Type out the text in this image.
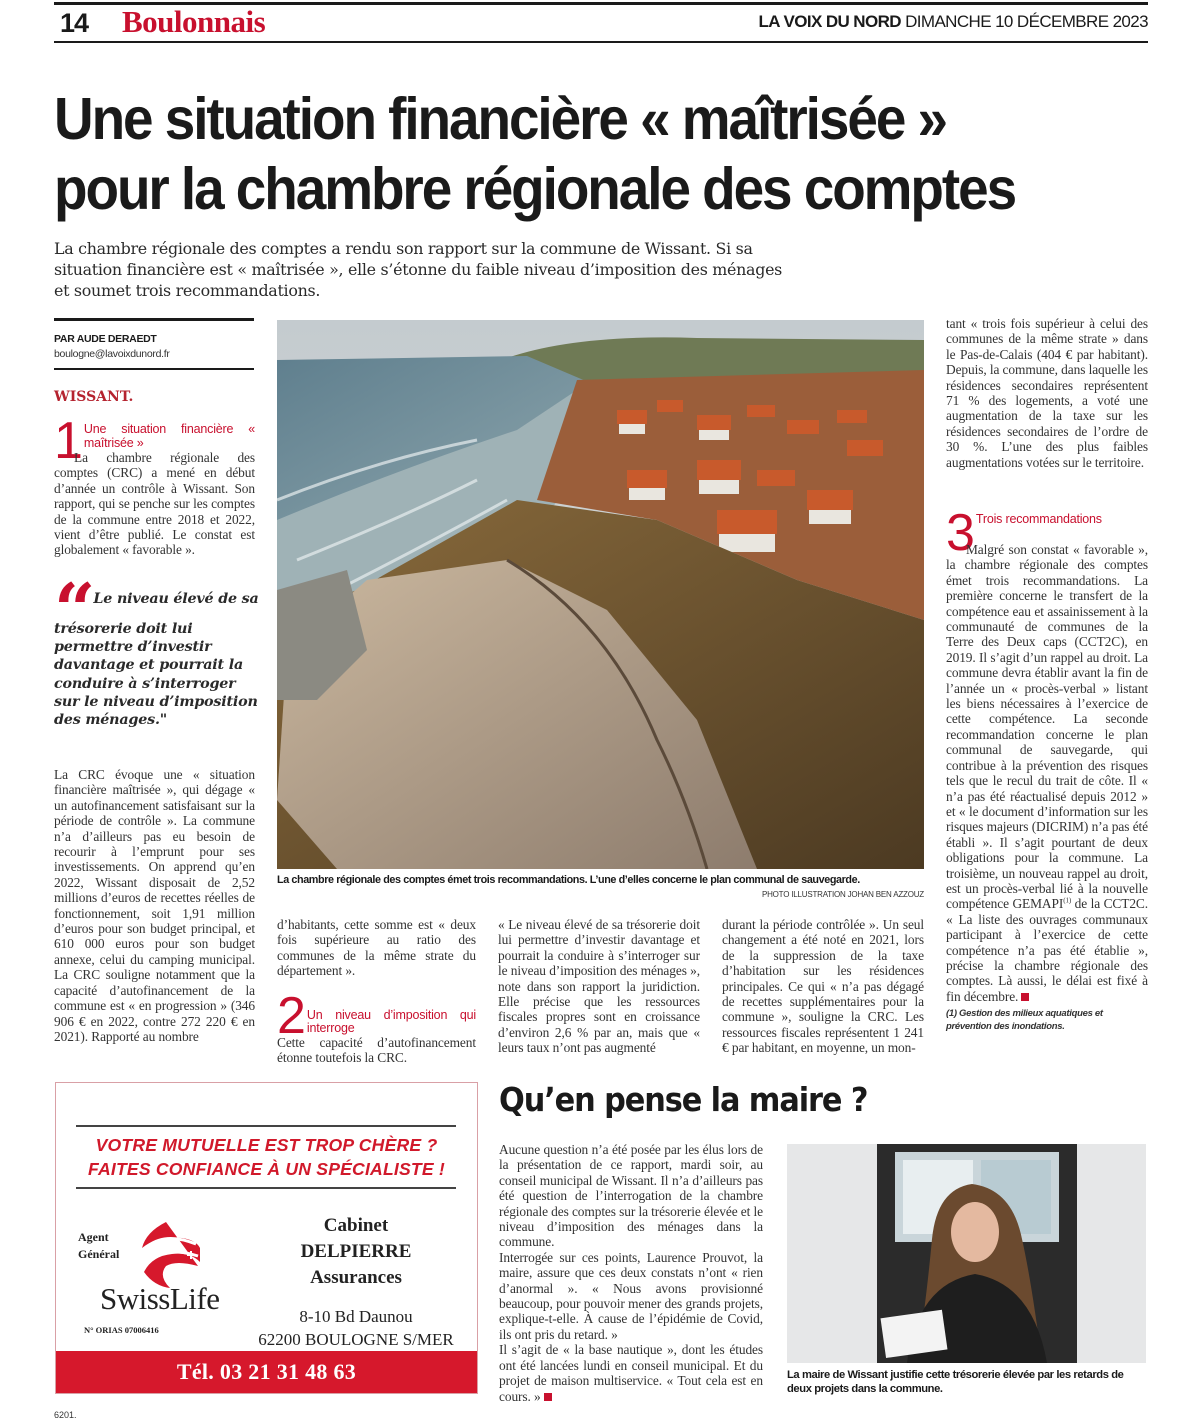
14 Boulonnais	LA VOIX DU NORD DIMANCHE 10 DÉCEMBRE 2023
Une situation financière « maîtrisée »
pour la chambre régionale des comptes

La chambre régionale des comptes a rendu son rapport sur la commune de Wissant. Si sa situation financière est « maîtrisée », elle s’étonne du faible niveau d’imposition des ménages et soumet trois recommandations.

PAR AUDE DERAEDT
boulogne@lavoixdunord.fr
WISSANT.
1 Une situation financière « maîtrisée »

La chambre régionale des comptes (CRC) a mené en début d’année un contrôle à Wissant. Son rapport, qui se penche sur les comptes de la commune entre 2018 et 2022, vient d’être publié. Le constat est globalement « favorable ».

“ Le niveau élevé de sa trésorerie doit lui permettre d’investir davantage et pourrait la conduire à s’interroger sur le niveau d’imposition des ménages."

La CRC évoque une « situation financière maîtrisée », qui dégage « un autofinancement satisfaisant sur la période de contrôle ». La commune n’a d’ailleurs pas eu besoin de recourir à l’emprunt pour ses investissements. On apprend qu’en 2022, Wissant disposait de 2,52 millions d’euros de recettes réelles de fonctionnement, soit 1,91 million d’euros pour son budget principal, et 610 000 euros pour son budget annexe, celui du camping municipal. La CRC souligne notamment que la capacité d’autofinancement de la commune est « en progression » (346 906 € en 2022, contre 272 220 € en 2021). Rapporté au nombre

La chambre régionale des comptes émet trois recommandations. L’une d’elles concerne le plan communal de sauvegarde.
PHOTO ILLUSTRATION JOHAN BEN AZZOUZ

d’habitants, cette somme est « deux fois supérieure au ratio des communes de la même strate du département ».

2 Un niveau d’imposition qui interroge

Cette capacité d’autofinancement étonne toutefois la CRC.

« Le niveau élevé de sa trésorerie doit lui permettre d’investir davantage et pourrait la conduire à s’interroger sur le niveau d’imposition des ménages », note dans son rapport la juridiction. Elle précise que les ressources fiscales propres sont en croissance d’environ 2,6 % par an, mais que « leurs taux n’ont pas augmenté

durant la période contrôlée ». Un seul changement a été noté en 2021, lors de la suppression de la taxe d’habitation sur les résidences principales. Ce qui « n’a pas dégagé de recettes supplémentaires pour la commune », souligne la CRC. Les ressources fiscales représentent 1 241 € par habitant, en moyenne, un mon-

tant « trois fois supérieur à celui des communes de la même strate » dans le Pas-de-Calais (404 € par habitant). Depuis, la commune, dans laquelle les résidences secondaires représentent 71 % des logements, a voté une augmentation de la taxe sur les résidences secondaires de l’ordre de 30 %. L’une des plus faibles augmentations votées sur le territoire.

3 Trois recommandations

Malgré son constat « favorable », la chambre régionale des comptes émet trois recommandations. La première concerne le transfert de la compétence eau et assainissement à la communauté de communes de la Terre des Deux caps (CCT2C), en 2019. Il s’agit d’un rappel au droit. La commune devra établir avant la fin de l’année un « procès-verbal » listant les biens nécessaires à l’exercice de cette compétence. La seconde recommandation concerne le plan communal de sauvegarde, qui contribue à la prévention des risques tels que le recul du trait de côte. Il « n’a pas été réactualisé depuis 2012 » et « le document d’information sur les risques majeurs (DICRIM) n’a pas été établi ». Il s’agit pourtant de deux obligations pour la commune. La troisième, un nouveau rappel au droit, est un procès-verbal lié à la nouvelle compétence GEMAPI$^{(1)}$ de la CCT2C. « La liste des ouvrages communaux participant à l’exercice de cette compétence n’a pas été établie », précise la chambre régionale des comptes. Là aussi, le délai est fixé à fin décembre.

(1) Gestion des milieux aquatiques et prévention des inondations.

Qu’en pense la maire ?

Aucune question n’a été posée par les élus lors de la présentation de ce rapport, mardi soir, au conseil municipal de Wissant. Il n’a d’ailleurs pas été question de l’interrogation de la chambre régionale des comptes sur la trésorerie élevée et le niveau d’imposition des ménages dans la commune.

Interrogée sur ces points, Laurence Prouvot, la maire, assure que ces deux constats n’ont « rien d’anormal ». « Nous avons provisionné beaucoup, pour pouvoir mener des grands projets, explique-t-elle. À cause de l’épidémie de Covid, ils ont pris du retard. »

Il s’agit de « la base nautique », dont les études ont été lancées lundi en conseil municipal. Et du projet de maison multiservice. « Tout cela est en cours. »

La maire de Wissant justifie cette trésorerie élevée par les retards de deux projets dans la commune.
VOTRE MUTUELLE EST TROP CHÈRE ?
FAITES CONFIANCE À UN SPÉCIALISTE !
Agent
Général
SwissLife
N° ORIAS 07006416
Cabinet
DELPIERRE
Assurances
8-10 Bd Daunou
62200 BOULOGNE S/MER
Tél. 03 21 31 48 63
6201.
